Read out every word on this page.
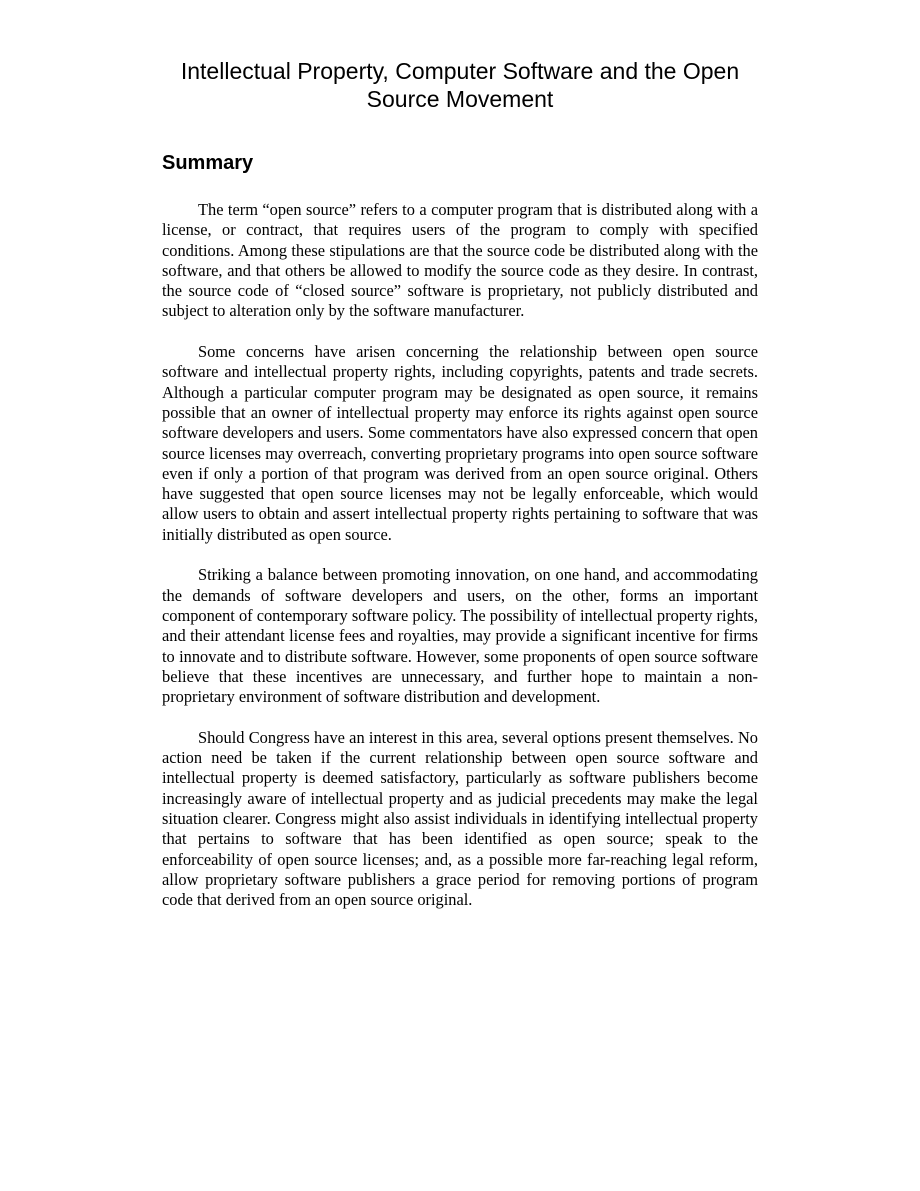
Intellectual Property, Computer Software and the Open Source Movement
Summary

The term “open source” refers to a computer program that is distributed along with a license, or contract, that requires users of the program to comply with specified conditions. Among these stipulations are that the source code be distributed along with the software, and that others be allowed to modify the source code as they desire. In contrast, the source code of “closed source” software is proprietary, not publicly distributed and subject to alteration only by the software manufacturer.

Some concerns have arisen concerning the relationship between open source software and intellectual property rights, including copyrights, patents and trade secrets. Although a particular computer program may be designated as open source, it remains possible that an owner of intellectual property may enforce its rights against open source software developers and users. Some commentators have also expressed concern that open source licenses may overreach, converting proprietary programs into open source software even if only a portion of that program was derived from an open source original. Others have suggested that open source licenses may not be legally enforceable, which would allow users to obtain and assert intellectual property rights pertaining to software that was initially distributed as open source.

Striking a balance between promoting innovation, on one hand, and accommodating the demands of software developers and users, on the other, forms an important component of contemporary software policy. The possibility of intellectual property rights, and their attendant license fees and royalties, may provide a significant incentive for firms to innovate and to distribute software. However, some proponents of open source software believe that these incentives are unnecessary, and further hope to maintain a non-proprietary environment of software distribution and development.

Should Congress have an interest in this area, several options present themselves. No action need be taken if the current relationship between open source software and intellectual property is deemed satisfactory, particularly as software publishers become increasingly aware of intellectual property and as judicial precedents may make the legal situation clearer. Congress might also assist individuals in identifying intellectual property that pertains to software that has been identified as open source; speak to the enforceability of open source licenses; and, as a possible more far-reaching legal reform, allow proprietary software publishers a grace period for removing portions of program code that derived from an open source original.
